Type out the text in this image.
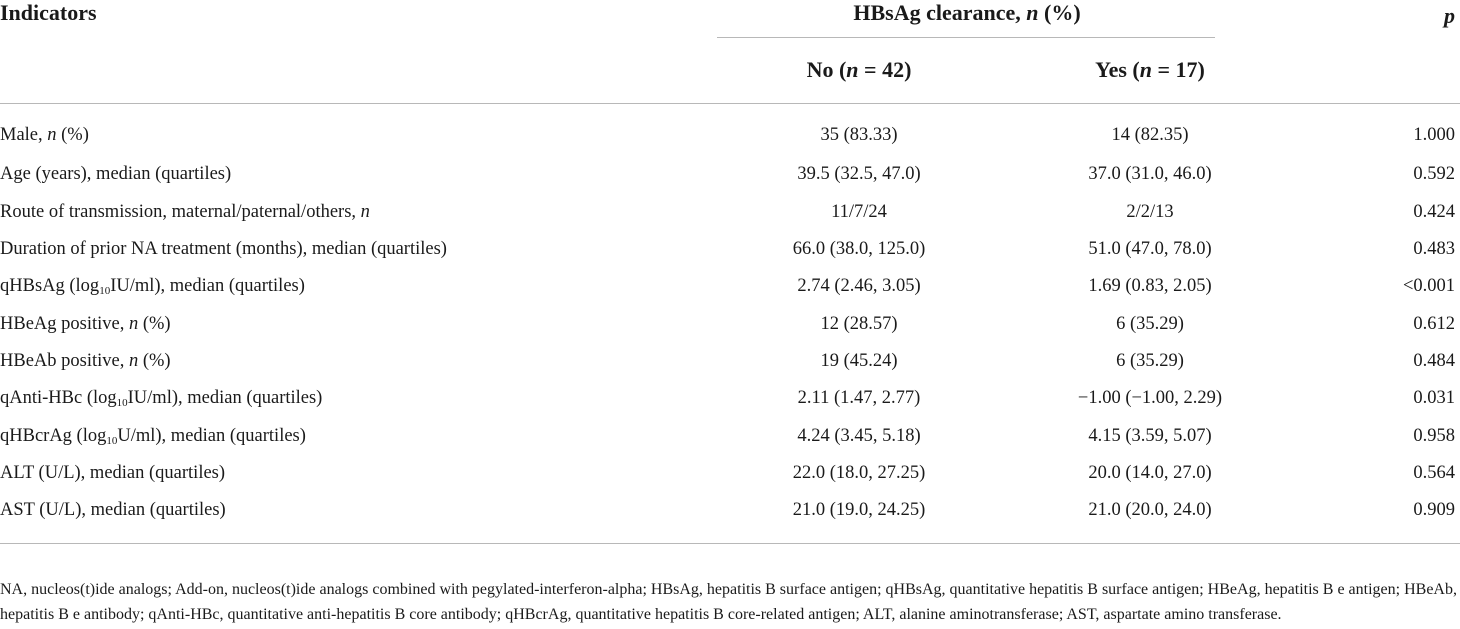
Indicators	HBsAg clearance, n (%)	p
No (n = 42)	Yes (n = 17)
Male, n (%)	35 (83.33)	14 (82.35)	1.000
Age (years), median (quartiles)	39.5 (32.5, 47.0)	37.0 (31.0, 46.0)	0.592
Route of transmission, maternal/paternal/others, n	11/7/24	2/2/13	0.424
Duration of prior NA treatment (months), median (quartiles)	66.0 (38.0, 125.0)	51.0 (47.0, 78.0)	0.483
qHBsAg $(\log_{10}IU/ml)$, median (quartiles)	2.74 (2.46, 3.05)	1.69 (0.83, 2.05)	<0.001
HBeAg positive, n (%)	12 (28.57)	6 (35.29)	0.612
HBeAb positive, n (%)	19 (45.24)	6 (35.29)	0.484
qAnti-HBc $(\log_{10}IU/ml)$, median (quartiles)	2.11 (1.47, 2.77)	−1.00 (−1.00, 2.29)	0.031
qHBcrAg $(\log_{10}U/ml)$, median (quartiles)	4.24 (3.45, 5.18)	4.15 (3.59, 5.07)	0.958
ALT (U/L), median (quartiles)	22.0 (18.0, 27.25)	20.0 (14.0, 27.0)	0.564
AST (U/L), median (quartiles)	21.0 (19.0, 24.25)	21.0 (20.0, 24.0)	0.909
NA, nucleos(t)ide analogs; Add-on, nucleos(t)ide analogs combined with pegylated-interferon-alpha; HBsAg, hepatitis B surface antigen; qHBsAg, quantitative hepatitis B surface antigen; HBeAg, hepatitis B e antigen; HBeAb, hepatitis B e antibody; qAnti-HBc, quantitative anti-hepatitis B core antibody; qHBcrAg, quantitative hepatitis B core-related antigen; ALT, alanine aminotransferase; AST, aspartate amino transferase.
